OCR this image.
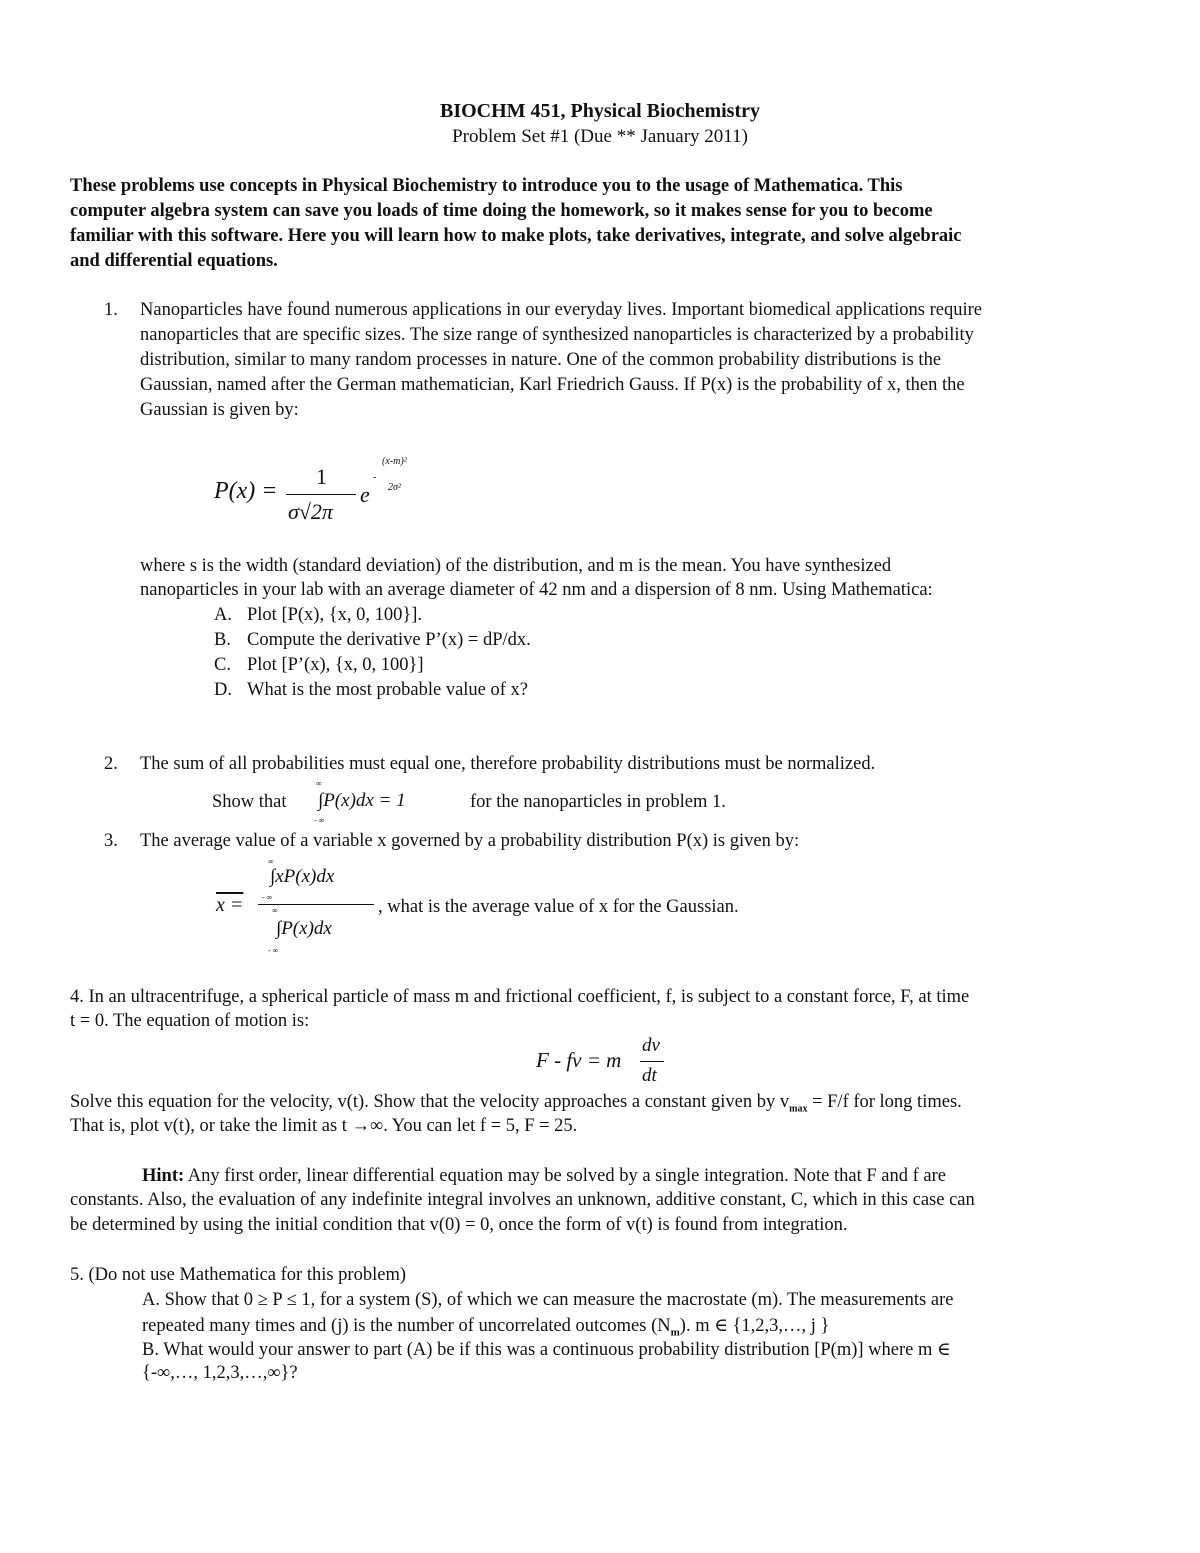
BIOCHM 451, Physical Biochemistry
Problem Set #1 (Due ** January 2011)
These problems use concepts in Physical Biochemistry to introduce you to the usage of Mathematica. This
computer algebra system can save you loads of time doing the homework, so it makes sense for you to become
familiar with this software. Here you will learn how to make plots, take derivatives, integrate, and solve algebraic
and differential equations.
1. Nanoparticles have found numerous applications in our everyday lives. Important biomedical applications require
nanoparticles that are specific sizes. The size range of synthesized nanoparticles is characterized by a probability
distribution, similar to many random processes in nature. One of the common probability distributions is the
Gaussian, named after the German mathematician, Karl Friedrich Gauss. If P(x) is the probability of x, then the
Gaussian is given by:
P(x) =
1
σ√2π
e
-
(x-m)²
2σ²
where s is the width (standard deviation) of the distribution, and m is the mean. You have synthesized
nanoparticles in your lab with an average diameter of 42 nm and a dispersion of 8 nm. Using Mathematica:
A. Plot [P(x), {x, 0, 100}].
B. Compute the derivative P’(x) = dP/dx.
C. Plot [P’(x), {x, 0, 100}]
D. What is the most probable value of x?
2. The sum of all probabilities must equal one, therefore probability distributions must be normalized.
Show that
∞
∫P(x)dx = 1
- ∞
for the nanoparticles in problem 1.
3. The average value of a variable x governed by a probability distribution P(x) is given by:
x =
∞
∫xP(x)dx
- ∞
∞
∫P(x)dx
- ∞
, what is the average value of x for the Gaussian.
4. In an ultracentrifuge, a spherical particle of mass m and frictional coefficient, f, is subject to a constant force, F, at time
t = 0. The equation of motion is:
F - fv = m
dv
dt
Solve this equation for the velocity, v(t). Show that the velocity approaches a constant given by $v_{max} = F/f$ for long times.
That is, plot v(t), or take the limit as t →∞. You can let f = 5, F = 25.
Hint: Any first order, linear differential equation may be solved by a single integration. Note that F and f are
constants. Also, the evaluation of any indefinite integral involves an unknown, additive constant, C, which in this case can
be determined by using the initial condition that v(0) = 0, once the form of v(t) is found from integration.
5. (Do not use Mathematica for this problem)
A. Show that 0 ≥ P ≤ 1, for a system (S), of which we can measure the macrostate (m). The measurements are
repeated many times and (j) is the number of uncorrelated outcomes $(N_m)$. m ∈ {1,2,3,…, j }
B. What would your answer to part (A) be if this was a continuous probability distribution [P(m)] where m ∈
{-∞,…, 1,2,3,…,∞}?
